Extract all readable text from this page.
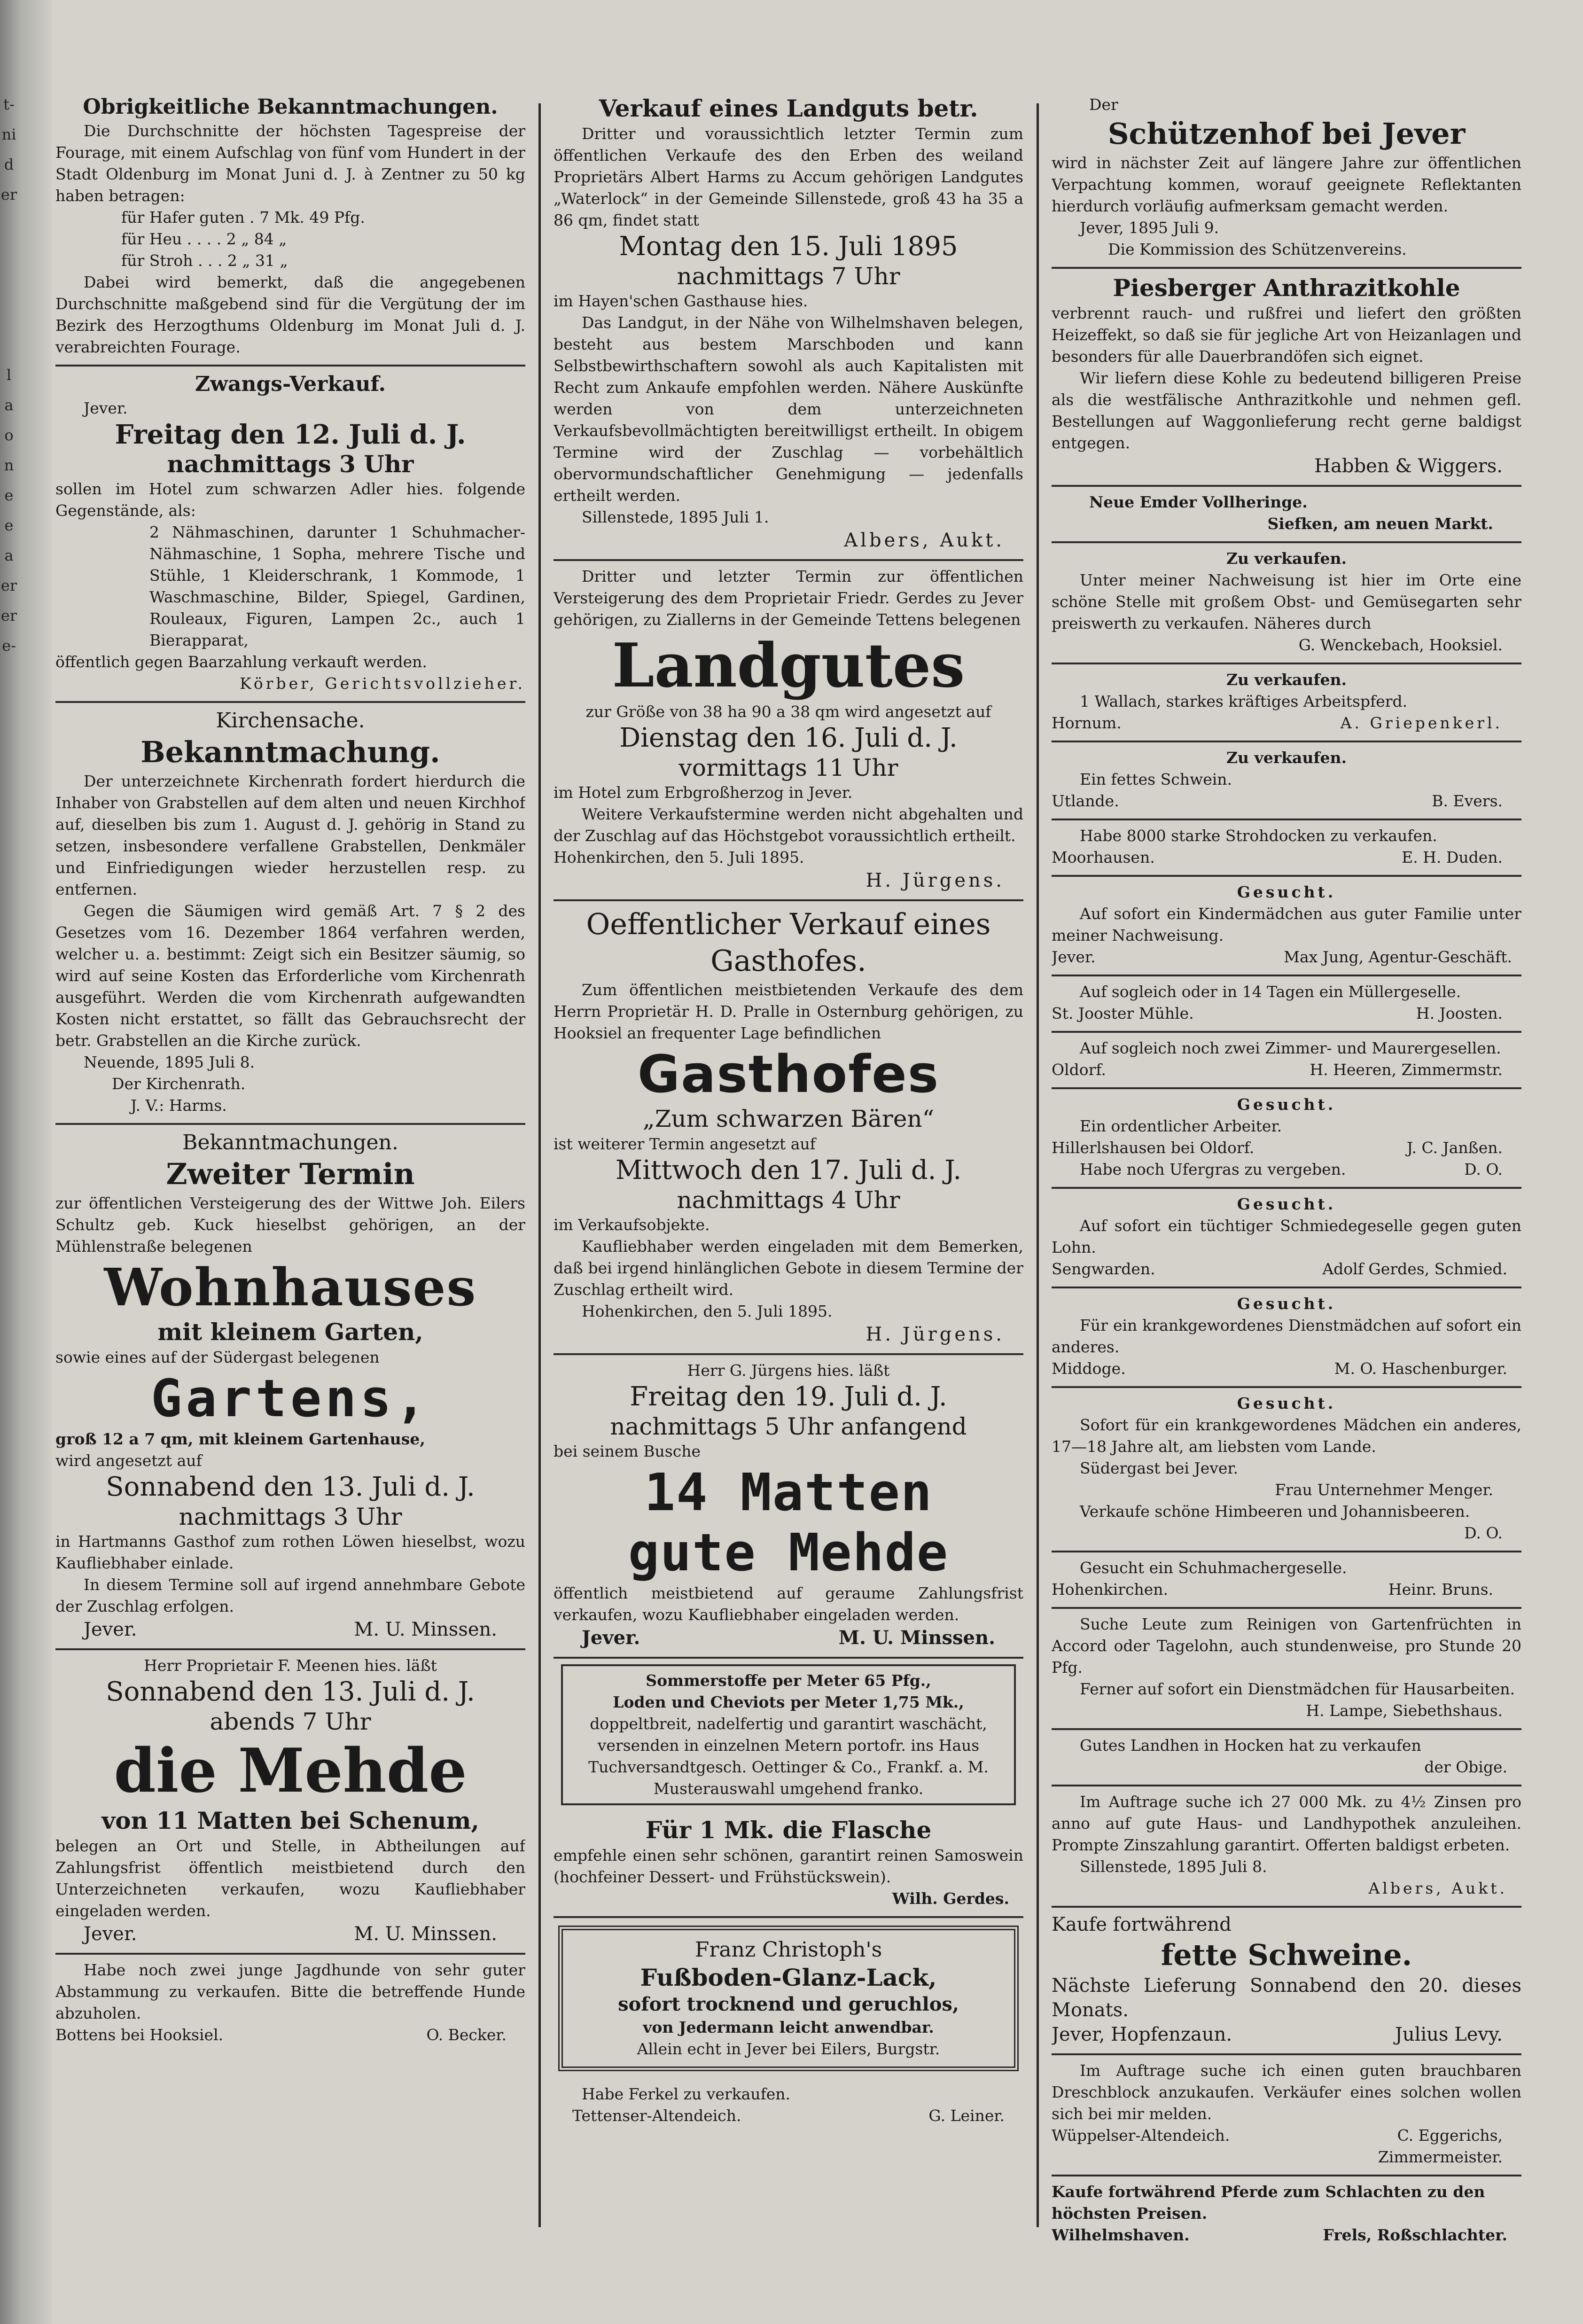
t-
ni
d
er
l
a
o
n
e
e
a
er
er
e-

Obrigkeitliche Bekanntmachungen.

Die Durchschnitte der höchsten Tagespreise der Fourage, mit einem Aufschlag von fünf vom Hundert in der Stadt Oldenburg im Monat Juni d. J. à Zentner zu 50 kg haben betragen:

für Hafer guten . 7 Mk. 49 Pfg.

für Heu . . . . 2 „ 84 „

für Stroh . . . 2 „ 31 „

Dabei wird bemerkt, daß die angegebenen Durchschnitte maßgebend sind für die Vergütung der im Bezirk des Herzogthums Oldenburg im Monat Juli d. J. verabreichten Fourage.

Zwangs-Verkauf.

Jever.

Freitag den 12. Juli d. J.

nachmittags 3 Uhr

sollen im Hotel zum schwarzen Adler hies. folgende Gegenstände, als:

2 Nähmaschinen, darunter 1 Schuhmacher-Nähmaschine, 1 Sopha, mehrere Tische und Stühle, 1 Kleiderschrank, 1 Kommode, 1 Waschmaschine, Bilder, Spiegel, Gardinen, Rouleaux, Figuren, Lampen 2c., auch 1 Bierapparat,

öffentlich gegen Baarzahlung verkauft werden.

Körber, Gerichtsvollzieher.

Kirchensache.

Bekanntmachung.

Der unterzeichnete Kirchenrath fordert hierdurch die Inhaber von Grabstellen auf dem alten und neuen Kirchhof auf, dieselben bis zum 1. August d. J. gehörig in Stand zu setzen, insbesondere verfallene Grabstellen, Denkmäler und Einfriedigungen wieder herzustellen resp. zu entfernen.

Gegen die Säumigen wird gemäß Art. 7 § 2 des Gesetzes vom 16. Dezember 1864 verfahren werden, welcher u. a. bestimmt: Zeigt sich ein Besitzer säumig, so wird auf seine Kosten das Erforderliche vom Kirchenrath ausgeführt. Werden die vom Kirchenrath aufgewandten Kosten nicht erstattet, so fällt das Gebrauchsrecht der betr. Grabstellen an die Kirche zurück.

Neuende, 1895 Juli 8.

Der Kirchenrath.

J. V.: Harms.

Bekanntmachungen.

Zweiter Termin

zur öffentlichen Versteigerung des der Wittwe Joh. Eilers Schultz geb. Kuck hieselbst gehörigen, an der Mühlenstraße belegenen

Wohnhauses

mit kleinem Garten,

sowie eines auf der Südergast belegenen

Gartens,

groß 12 a 7 qm, mit kleinem Gartenhause,

wird angesetzt auf

Sonnabend den 13. Juli d. J.

nachmittags 3 Uhr

in Hartmanns Gasthof zum rothen Löwen hieselbst, wozu Kaufliebhaber einlade.

In diesem Termine soll auf irgend annehmbare Gebote der Zuschlag erfolgen.

Jever.	M. U. Minssen.

Herr Proprietair F. Meenen hies. läßt

Sonnabend den 13. Juli d. J.

abends 7 Uhr

die Mehde

von 11 Matten bei Schenum,

belegen an Ort und Stelle, in Abtheilungen auf Zahlungsfrist öffentlich meistbietend durch den Unterzeichneten verkaufen, wozu Kaufliebhaber eingeladen werden.

Jever.	M. U. Minssen.

Habe noch zwei junge Jagdhunde von sehr guter Abstammung zu verkaufen. Bitte die betreffende Hunde abzuholen.

Bottens bei Hooksiel.	O. Becker.

Verkauf eines Landguts betr.

Dritter und voraussichtlich letzter Termin zum öffentlichen Verkaufe des den Erben des weiland Proprietärs Albert Harms zu Accum gehörigen Landgutes „Waterlock“ in der Gemeinde Sillenstede, groß 43 ha 35 a 86 qm, findet statt

Montag den 15. Juli 1895

nachmittags 7 Uhr

im Hayen'schen Gasthause hies.

Das Landgut, in der Nähe von Wilhelmshaven belegen, besteht aus bestem Marschboden und kann Selbstbewirthschaftern sowohl als auch Kapitalisten mit Recht zum Ankaufe empfohlen werden. Nähere Auskünfte werden von dem unterzeichneten Verkaufsbevollmächtigten bereitwilligst ertheilt. In obigem Termine wird der Zuschlag — vorbehältlich obervormundschaftlicher Genehmigung — jedenfalls ertheilt werden.

Sillenstede, 1895 Juli 1.

Albers, Aukt.

Dritter und letzter Termin zur öffentlichen Versteigerung des dem Proprietair Friedr. Gerdes zu Jever gehörigen, zu Ziallerns in der Gemeinde Tettens belegenen

Landgutes

zur Größe von 38 ha 90 a 38 qm wird angesetzt auf

Dienstag den 16. Juli d. J.

vormittags 11 Uhr

im Hotel zum Erbgroßherzog in Jever.

Weitere Verkaufstermine werden nicht abgehalten und der Zuschlag auf das Höchstgebot voraussichtlich ertheilt.

Hohenkirchen, den 5. Juli 1895.

H. Jürgens.

Oeffentlicher Verkauf eines Gasthofes.

Zum öffentlichen meistbietenden Verkaufe des dem Herrn Proprietär H. D. Pralle in Osternburg gehörigen, zu Hooksiel an frequenter Lage befindlichen

Gasthofes

„Zum schwarzen Bären“

ist weiterer Termin angesetzt auf

Mittwoch den 17. Juli d. J.

nachmittags 4 Uhr

im Verkaufsobjekte.

Kaufliebhaber werden eingeladen mit dem Bemerken, daß bei irgend hinlänglichen Gebote in diesem Termine der Zuschlag ertheilt wird.

Hohenkirchen, den 5. Juli 1895.

H. Jürgens.

Herr G. Jürgens hies. läßt

Freitag den 19. Juli d. J.

nachmittags 5 Uhr anfangend

bei seinem Busche

14 Matten

gute Mehde

öffentlich meistbietend auf geraume Zahlungsfrist verkaufen, wozu Kaufliebhaber eingeladen werden.

Jever.	M. U. Minssen.

Sommerstoffe per Meter 65 Pfg.,

Loden und Cheviots per Meter 1,75 Mk.,

doppeltbreit, nadelfertig und garantirt waschächt, versenden in einzelnen Metern portofr. ins Haus

Tuchversandtgesch. Oettinger & Co., Frankf. a. M.

Musterauswahl umgehend franko.

Für 1 Mk. die Flasche

empfehle einen sehr schönen, garantirt reinen Samoswein (hochfeiner Dessert- und Frühstückswein).

Wilh. Gerdes.

Franz Christoph's

Fußboden-Glanz-Lack,

sofort trocknend und geruchlos,

von Jedermann leicht anwendbar.

Allein echt in Jever bei Eilers, Burgstr.

Habe Ferkel zu verkaufen.

Tettenser-Altendeich.	G. Leiner.

Der

Schützenhof bei Jever

wird in nächster Zeit auf längere Jahre zur öffentlichen Verpachtung kommen, worauf geeignete Reflektanten hierdurch vorläufig aufmerksam gemacht werden.

Jever, 1895 Juli 9.

Die Kommission des Schützenvereins.

Piesberger Anthrazitkohle

verbrennt rauch- und rußfrei und liefert den größten Heizeffekt, so daß sie für jegliche Art von Heizanlagen und besonders für alle Dauerbrandöfen sich eignet.

Wir liefern diese Kohle zu bedeutend billigeren Preise als die westfälische Anthrazitkohle und nehmen gefl. Bestellungen auf Waggonlieferung recht gerne baldigst entgegen.

Habben & Wiggers.

Neue Emder Vollheringe.

Siefken, am neuen Markt.

Zu verkaufen.

Unter meiner Nachweisung ist hier im Orte eine schöne Stelle mit großem Obst- und Gemüsegarten sehr preiswerth zu verkaufen. Näheres durch

G. Wenckebach, Hooksiel.

Zu verkaufen.

1 Wallach, starkes kräftiges Arbeitspferd.

Hornum.	A. Griepenkerl.

Zu verkaufen.

Ein fettes Schwein.

Utlande.	B. Evers.

Habe 8000 starke Strohdocken zu verkaufen.

Moorhausen.	E. H. Duden.

Gesucht.

Auf sofort ein Kindermädchen aus guter Familie unter meiner Nachweisung.

Jever.	Max Jung, Agentur-Geschäft.

Auf sogleich oder in 14 Tagen ein Müllergeselle.

St. Jooster Mühle.	H. Joosten.

Auf sogleich noch zwei Zimmer- und Maurergesellen.

Oldorf.	H. Heeren, Zimmermstr.

Gesucht.

Ein ordentlicher Arbeiter.

Hillerlshausen bei Oldorf.	J. C. Janßen.
Habe noch Ufergras zu vergeben.	D. O.

Gesucht.

Auf sofort ein tüchtiger Schmiedegeselle gegen guten Lohn.

Sengwarden.	Adolf Gerdes, Schmied.

Gesucht.

Für ein krankgewordenes Dienstmädchen auf sofort ein anderes.

Middoge.	M. O. Haschenburger.

Gesucht.

Sofort für ein krankgewordenes Mädchen ein anderes, 17—18 Jahre alt, am liebsten vom Lande.

Südergast bei Jever.

Frau Unternehmer Menger.

Verkaufe schöne Himbeeren und Johannisbeeren.

D. O.

Gesucht ein Schuhmachergeselle.

Hohenkirchen.	Heinr. Bruns.

Suche Leute zum Reinigen von Gartenfrüchten in Accord oder Tagelohn, auch stundenweise, pro Stunde 20 Pfg.

Ferner auf sofort ein Dienstmädchen für Hausarbeiten.

H. Lampe, Siebethshaus.

Gutes Landhen in Hocken hat zu verkaufen

der Obige.

Im Auftrage suche ich 27 000 Mk. zu 4½ Zinsen pro anno auf gute Haus- und Landhypothek anzuleihen. Prompte Zinszahlung garantirt. Offerten baldigst erbeten.

Sillenstede, 1895 Juli 8.

Albers, Aukt.

Kaufe fortwährend

fette Schweine.

Nächste Lieferung Sonnabend den 20. dieses Monats.

Jever, Hopfenzaun.	Julius Levy.

Im Auftrage suche ich einen guten brauchbaren Dreschblock anzukaufen. Verkäufer eines solchen wollen sich bei mir melden.

Wüppelser-Altendeich.	C. Eggerichs,

Zimmermeister.

Kaufe fortwährend Pferde zum Schlachten zu den höchsten Preisen.

Wilhelmshaven.	Frels, Roßschlachter.
